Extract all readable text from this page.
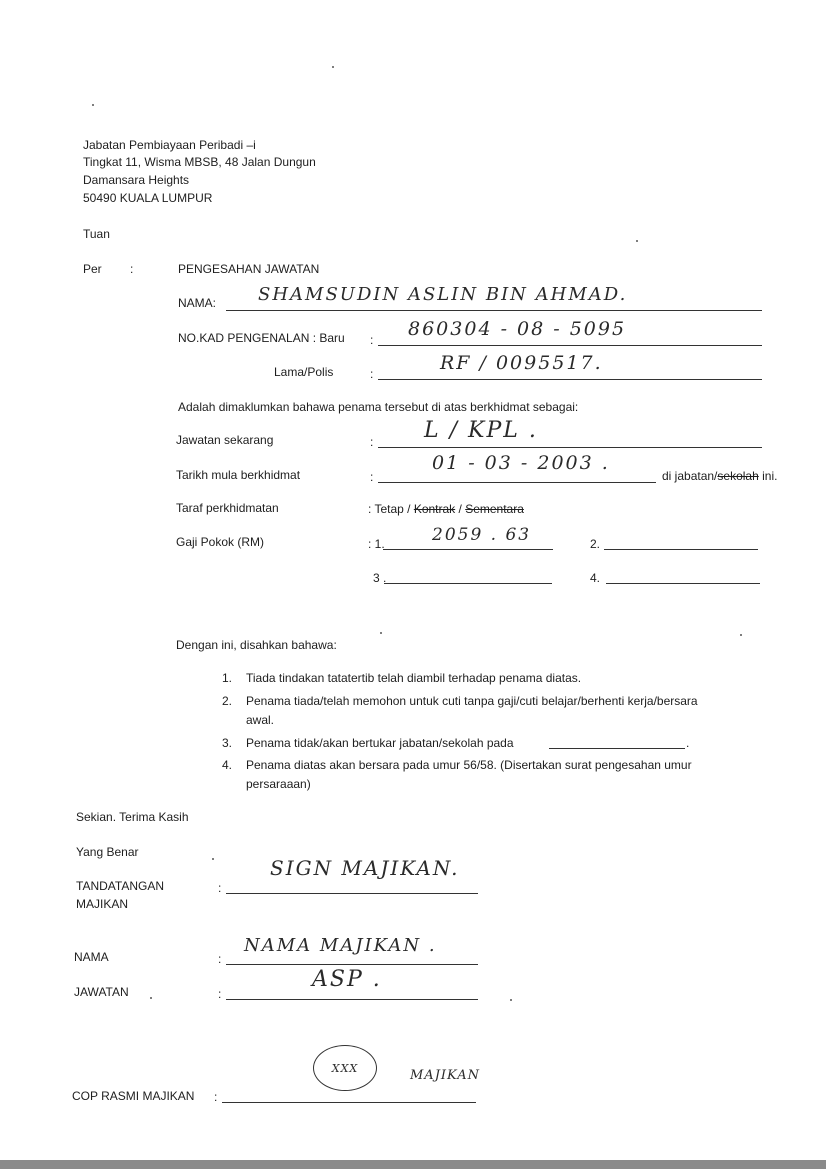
Jabatan Pembiayaan Peribadi –i
Tingkat 11, Wisma MBSB, 48 Jalan Dungun
Damansara Heights
50490 KUALA LUMPUR
Tuan
Per :	PENGESAHAN JAWATAN
NAMA: SHAMSUDIN ASLIN BIN AHMAD.
NO.KAD PENGENALAN : Baru : 860304 - 08 - 5095
Lama/Polis	:	RF / 0095517.
Adalah dimaklumkan bahawa penama tersebut di atas berkhidmat sebagai:
Jawatan sekarang	: L / KPL .
Tarikh mula berkhidmat	:
01 - 03 - 2003 .
di jabatan/sekolah ini.
Taraf perkhidmatan	: Tetap / Kontrak / Sementara
Gaji Pokok (RM)	: 1.	2059 . 63	2.
3 .	4.
Dengan ini, disahkan bahawa:
1. Tiada tindakan tatatertib telah diambil terhadap penama diatas.
2. Penama tiada/telah memohon untuk cuti tanpa gaji/cuti belajar/berhenti kerja/bersara
awal.
3. Penama tidak/akan bertukar jabatan/sekolah pada	.
4. Penama diatas akan bersara pada umur 56/58. (Disertakan surat pengesahan umur
persaraaan)
Sekian. Terima Kasih
Yang Benar
TANDATANGAN
MAJIKAN
:
SIGN MAJIKAN.
NAMA	:
NAMA MAJIKAN .
JAWATAN	:
ASP .
COP RASMI MAJIKAN :
XXX	MAJIKAN
